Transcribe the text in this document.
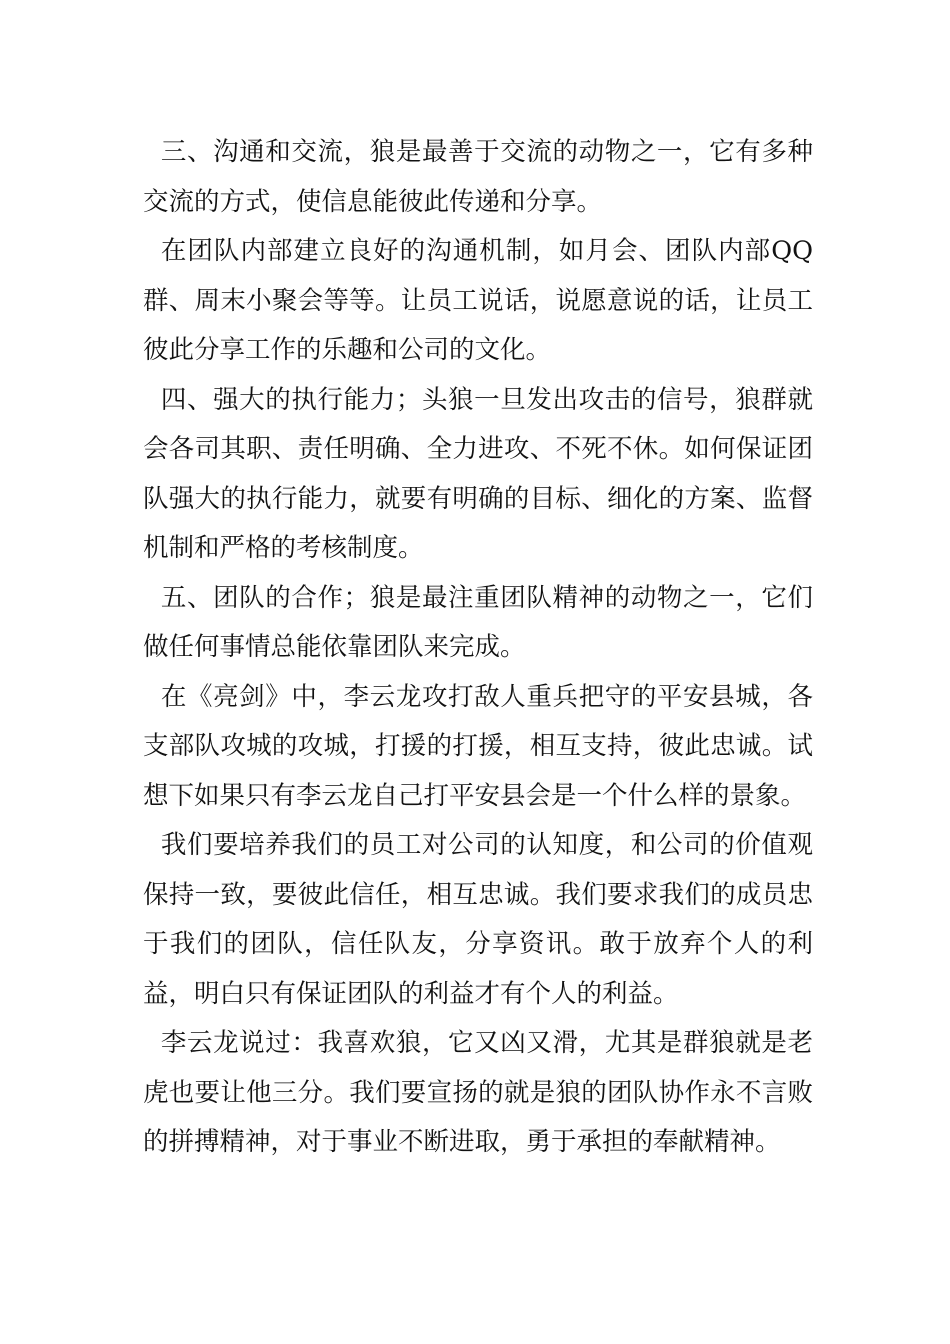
三、沟通和交流，狼是最善于交流的动物之一，它有多种交流的方式，使信息能彼此传递和分享。

在团队内部建立良好的沟通机制，如月会、团队内部QQ群、周末小聚会等等。让员工说话，说愿意说的话，让员工彼此分享工作的乐趣和公司的文化。

四、强大的执行能力；头狼一旦发出攻击的信号，狼群就会各司其职、责任明确、全力进攻、不死不休。如何保证团队强大的执行能力，就要有明确的目标、细化的方案、监督机制和严格的考核制度。

五、团队的合作；狼是最注重团队精神的动物之一，它们做任何事情总能依靠团队来完成。

在《亮剑》中，李云龙攻打敌人重兵把守的平安县城，各支部队攻城的攻城，打援的打援，相互支持，彼此忠诚。试想下如果只有李云龙自己打平安县会是一个什么样的景象。

我们要培养我们的员工对公司的认知度，和公司的价值观保持一致，要彼此信任，相互忠诚。我们要求我们的成员忠于我们的团队，信任队友，分享资讯。敢于放弃个人的利益，明白只有保证团队的利益才有个人的利益。

李云龙说过：我喜欢狼，它又凶又滑，尤其是群狼就是老虎也要让他三分。我们要宣扬的就是狼的团队协作永不言败的拼搏精神，对于事业不断进取，勇于承担的奉献精神。
